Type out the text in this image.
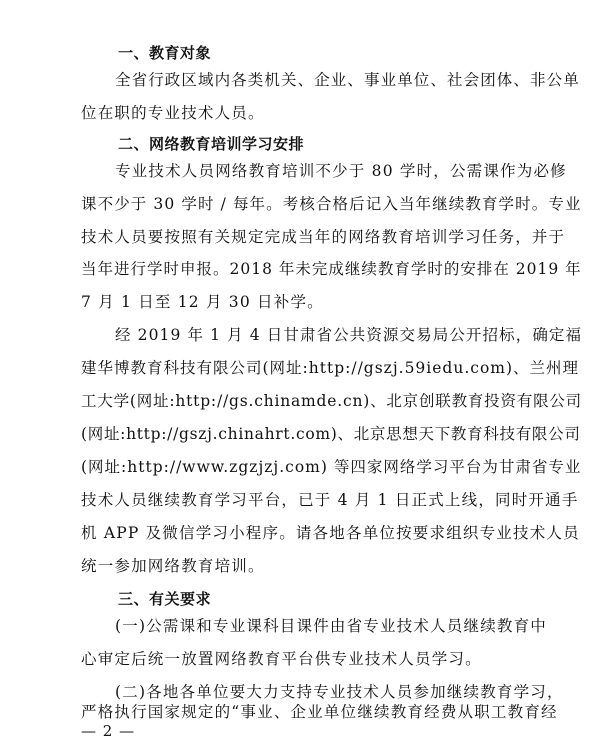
一、教育对象
全省行政区域内各类机关、企业、事业单位、社会团体、非公单
位在职的专业技术人员。
二、网络教育培训学习安排
专业技术人员网络教育培训不少于 80 学时，公需课作为必修
课不少于 30 学时 / 每年。考核合格后记入当年继续教育学时。专业
技术人员要按照有关规定完成当年的网络教育培训学习任务，并于
当年进行学时申报。2018 年未完成继续教育学时的安排在 2019 年
7 月 1 日至 12 月 30 日补学。
经 2019 年 1 月 4 日甘肃省公共资源交易局公开招标，确定福
建华博教育科技有限公司(网址:http://gszj.59iedu.com)、兰州理
工大学(网址:http://gs.chinamde.cn)、北京创联教育投资有限公司
(网址:http://gszj.chinahrt.com)、北京思想天下教育科技有限公司
(网址:http://www.zgzjzj.com) 等四家网络学习平台为甘肃省专业
技术人员继续教育学习平台，已于 4 月 1 日正式上线，同时开通手
机 APP 及微信学习小程序。请各地各单位按要求组织专业技术人员
统一参加网络教育培训。
三、有关要求
(一)公需课和专业课科目课件由省专业技术人员继续教育中
心审定后统一放置网络教育平台供专业技术人员学习。
(二)各地各单位要大力支持专业技术人员参加继续教育学习，
严格执行国家规定的“事业、企业单位继续教育经费从职工教育经
— 2 —
